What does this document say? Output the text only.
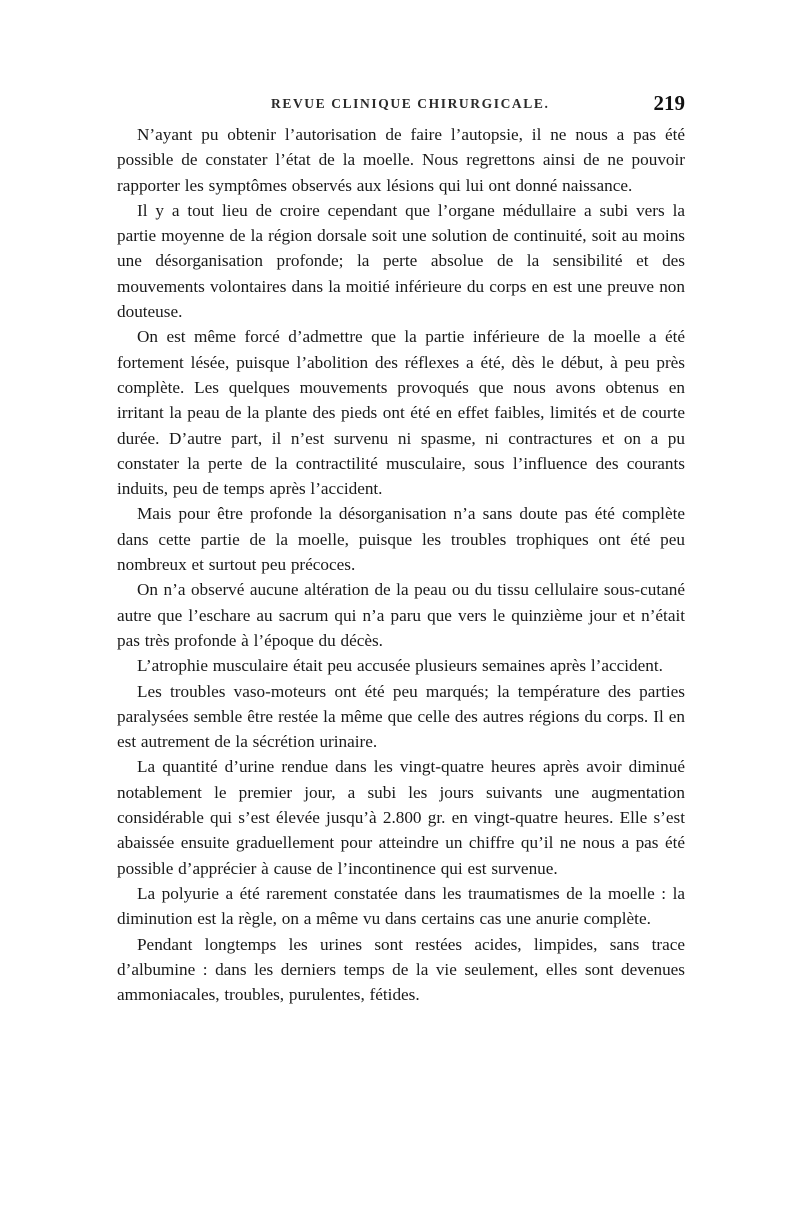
REVUE CLINIQUE CHIRURGICALE.	219

N’ayant pu obtenir l’autorisation de faire l’autopsie, il ne nous a pas été possible de constater l’état de la moelle. Nous regrettons ainsi de ne pouvoir rapporter les symptômes observés aux lésions qui lui ont donné naissance.

Il y a tout lieu de croire cependant que l’organe médullaire a subi vers la partie moyenne de la région dorsale soit une solution de continuité, soit au moins une désorganisation profonde; la perte absolue de la sensibilité et des mouvements volontaires dans la moitié inférieure du corps en est une preuve non douteuse.

On est même forcé d’admettre que la partie inférieure de la moelle a été fortement lésée, puisque l’abolition des réflexes a été, dès le début, à peu près complète. Les quelques mouvements provoqués que nous avons obtenus en irritant la peau de la plante des pieds ont été en effet faibles, limités et de courte durée. D’autre part, il n’est survenu ni spasme, ni contractures et on a pu constater la perte de la contractilité musculaire, sous l’influence des courants induits, peu de temps après l’accident.

Mais pour être profonde la désorganisation n’a sans doute pas été complète dans cette partie de la moelle, puisque les troubles trophiques ont été peu nombreux et surtout peu précoces.

On n’a observé aucune altération de la peau ou du tissu cellulaire sous-cutané autre que l’eschare au sacrum qui n’a paru que vers le quinzième jour et n’était pas très profonde à l’époque du décès.

L’atrophie musculaire était peu accusée plusieurs semaines après l’accident.

Les troubles vaso-moteurs ont été peu marqués; la température des parties paralysées semble être restée la même que celle des autres régions du corps. Il en est autrement de la sécrétion urinaire.

La quantité d’urine rendue dans les vingt-quatre heures après avoir diminué notablement le premier jour, a subi les jours suivants une augmentation considérable qui s’est élevée jusqu’à 2.800 gr. en vingt-quatre heures. Elle s’est abaissée ensuite graduellement pour atteindre un chiffre qu’il ne nous a pas été possible d’apprécier à cause de l’incontinence qui est survenue.

La polyurie a été rarement constatée dans les traumatismes de la moelle : la diminution est la règle, on a même vu dans certains cas une anurie complète.

Pendant longtemps les urines sont restées acides, limpides, sans trace d’albumine : dans les derniers temps de la vie seulement, elles sont devenues ammoniacales, troubles, purulentes, fétides.
